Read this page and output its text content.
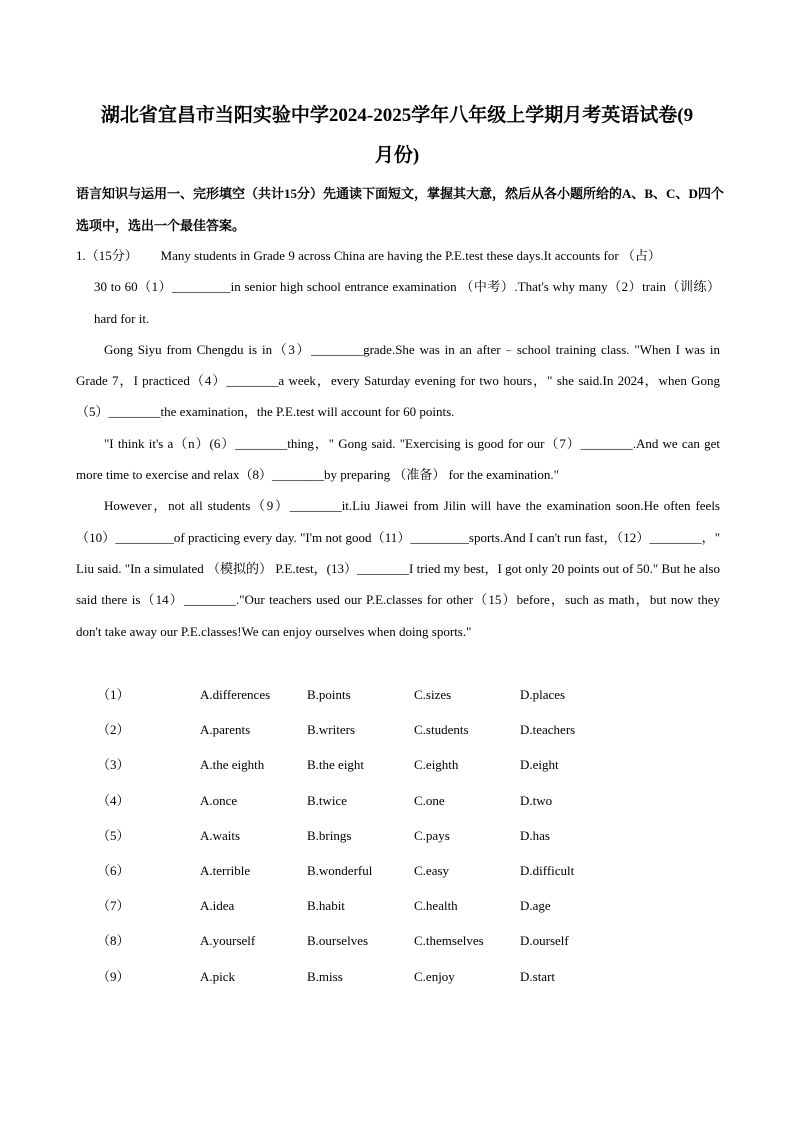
湖北省宜昌市当阳实验中学2024-2025学年八年级上学期月考英语试卷(9
月份)
语言知识与运用一、完形填空（共计15分）先通读下面短文，掌握其大意，然后从各小题所给的A、B、C、D四个选项中，选出一个最佳答案。

1.（15分） Many students in Grade 9 across China are having the P.E.test these days.It accounts for （占）
30 to 60（1）_________in senior high school entrance examination （中考）.That's why many（2）train（训练） hard for it.

Gong Siyu from Chengdu is in（3）________grade.She was in an after﹣school training class. "When I was in Grade 7，I practiced（4）________a week，every Saturday evening for two hours，" she said.In 2024，when Gong（5）________the examination，the P.E.test will account for 60 points.

"I think it's a（n）(6）________thing，" Gong said. "Exercising is good for our（7）________.And we can get more time to exercise and relax（8）________by preparing （准备） for the examination."

However，not all students（9）________it.Liu Jiawei from Jilin will have the examination soon.He often feels（10）_________of practicing every day. "I'm not good（11）_________sports.And I can't run fast，（12）________，" Liu said. "In a simulated （模拟的） P.E.test，(13）________I tried my best，I got only 20 points out of 50." But he also said there is（14）________."Our teachers used our P.E.classes for other（15）before，such as math，but now they don't take away our P.E.classes!We can enjoy ourselves when doing sports."

（1）	A.differences	B.points	C.sizes	D.places
（2）	A.parents	B.writers	C.students	D.teachers
（3）	A.the eighth	B.the eight	C.eighth	D.eight
（4）	A.once	B.twice	C.one	D.two
（5）	A.waits	B.brings	C.pays	D.has
（6）	A.terrible	B.wonderful	C.easy	D.difficult
（7）	A.idea	B.habit	C.health	D.age
（8）	A.yourself	B.ourselves	C.themselves	D.ourself
（9）	A.pick	B.miss	C.enjoy	D.start
